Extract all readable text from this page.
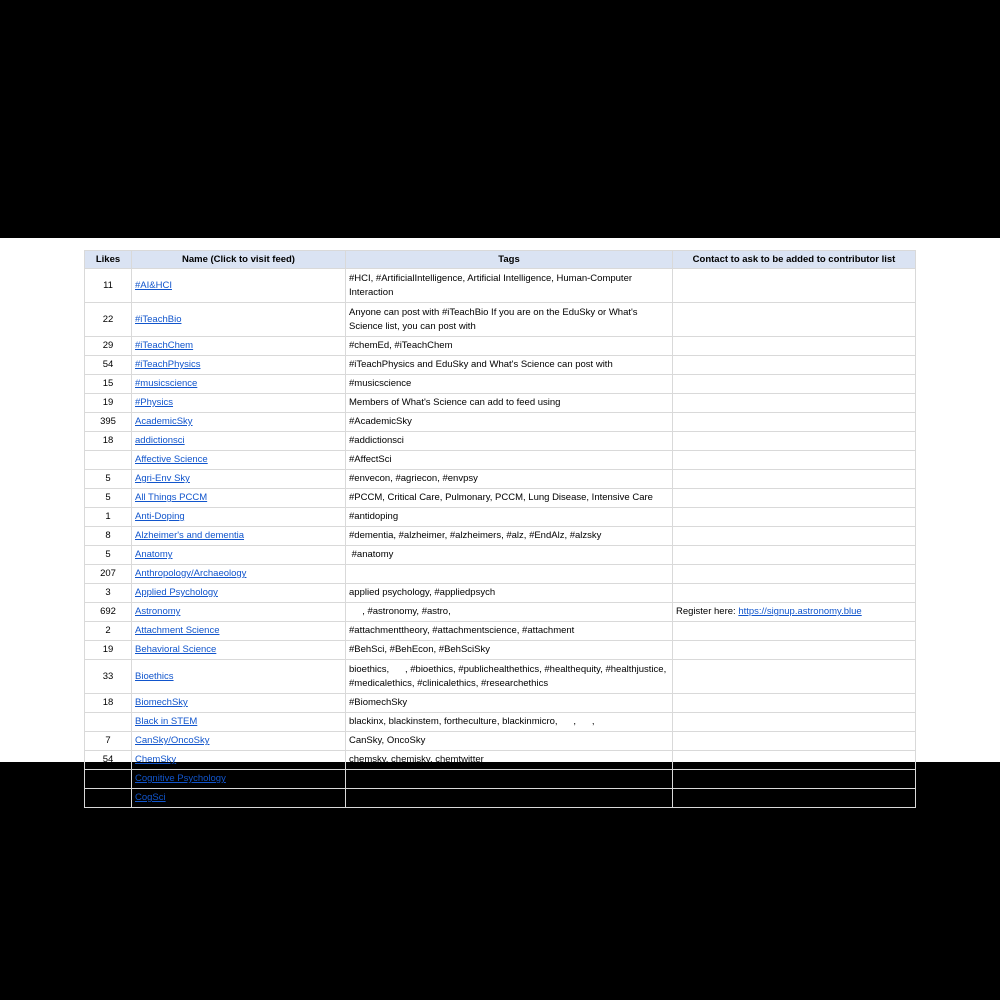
Likes	Name (Click to visit feed)	Tags	Contact to ask to be added to contributor list
11	#AI&HCI	#HCI, #ArtificialIntelligence, Artificial Intelligence, Human-Computer Interaction	
22	#iTeachBio	Anyone can post with #iTeachBio If you are on the EduSky or What's Science list, you can post with	
29	#iTeachChem	#chemEd, #iTeachChem	
54	#iTeachPhysics	#iTeachPhysics and EduSky and What's Science can post with	
15	#musicscience	#musicscience	
19	#Physics	Members of What's Science can add to feed using	
395	AcademicSky	#AcademicSky	
18	addictionsci	#addictionsci	
	Affective Science	#AffectSci	
5	Agri-Env Sky	#envecon, #agriecon, #envpsy	
5	All Things PCCM	#PCCM, Critical Care, Pulmonary, PCCM, Lung Disease, Intensive Care	
1	Anti-Doping	#antidoping	
8	Alzheimer's and dementia	#dementia, #alzheimer, #alzheimers, #alz, #EndAlz, #alzsky	
5	Anatomy	#anatomy	
207	Anthropology/Archaeology		
3	Applied Psychology	applied psychology, #appliedpsych	
692	Astronomy	, #astronomy, #astro,	Register here: https://signup.astronomy.blue
2	Attachment Science	#attachmenttheory, #attachmentscience, #attachment	
19	Behavioral Science	#BehSci, #BehEcon, #BehSciSky	
33	Bioethics	bioethics,      , #bioethics, #publichealthethics, #healthequity, #healthjustice, #medicalethics, #clinicalethics, #researchethics	
18	BiomechSky	#BiomechSky	
	Black in STEM	blackinx, blackinstem, fortheculture, blackinmicro,      ,      ,	
7	CanSky/OncoSky	CanSky, OncoSky	
54	ChemSky	chemsky, chemisky, chemtwitter	
91	Cognitive Psychology	#CogPsyc	
27	CogSci	#CogSci	
